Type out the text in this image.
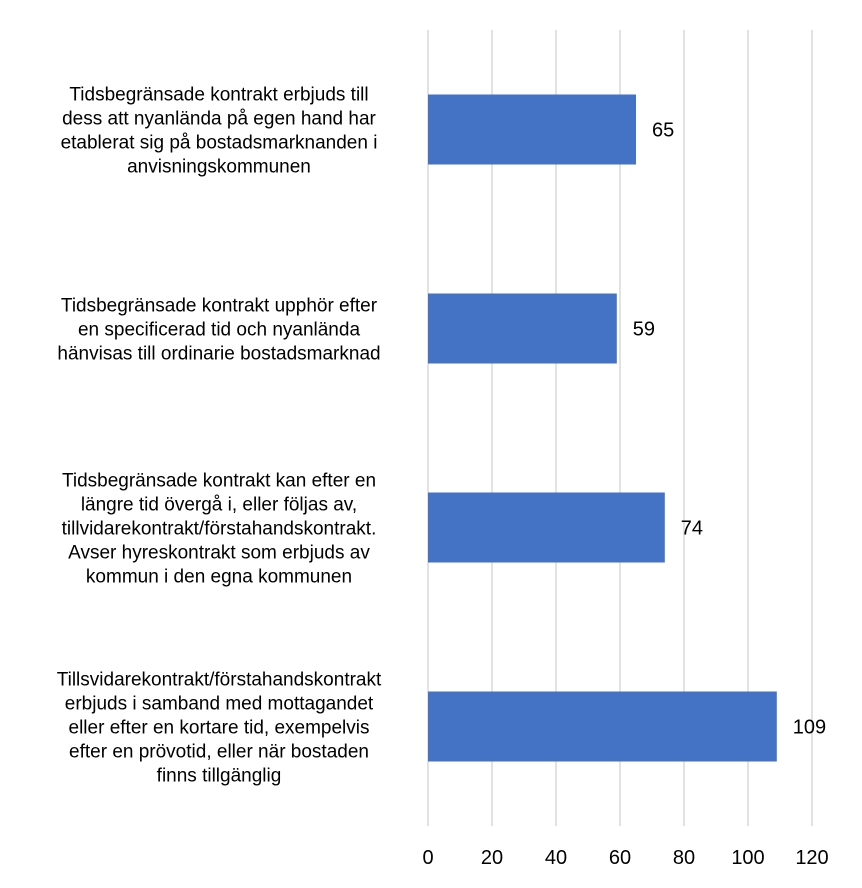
Tidsbegränsade kontrakt erbjuds till
dess att nyanlända på egen hand har
etablerat sig på bostadsmarknanden i
anvisningskommunen
Tidsbegränsade kontrakt upphör efter
en specificerad tid och nyanlända
hänvisas till ordinarie bostadsmarknad
Tidsbegränsade kontrakt kan efter en
längre tid övergå i, eller följas av,
tillvidarekontrakt/förstahandskontrakt.
Avser hyreskontrakt som erbjuds av
kommun i den egna kommunen
Tillsvidarekontrakt/förstahandskontrakt
erbjuds i samband med mottagandet
eller efter en kortare tid, exempelvis
efter en prövotid, eller när bostaden
finns tillgänglig
65
59
74
109
0 20 40 60 80 100 120
